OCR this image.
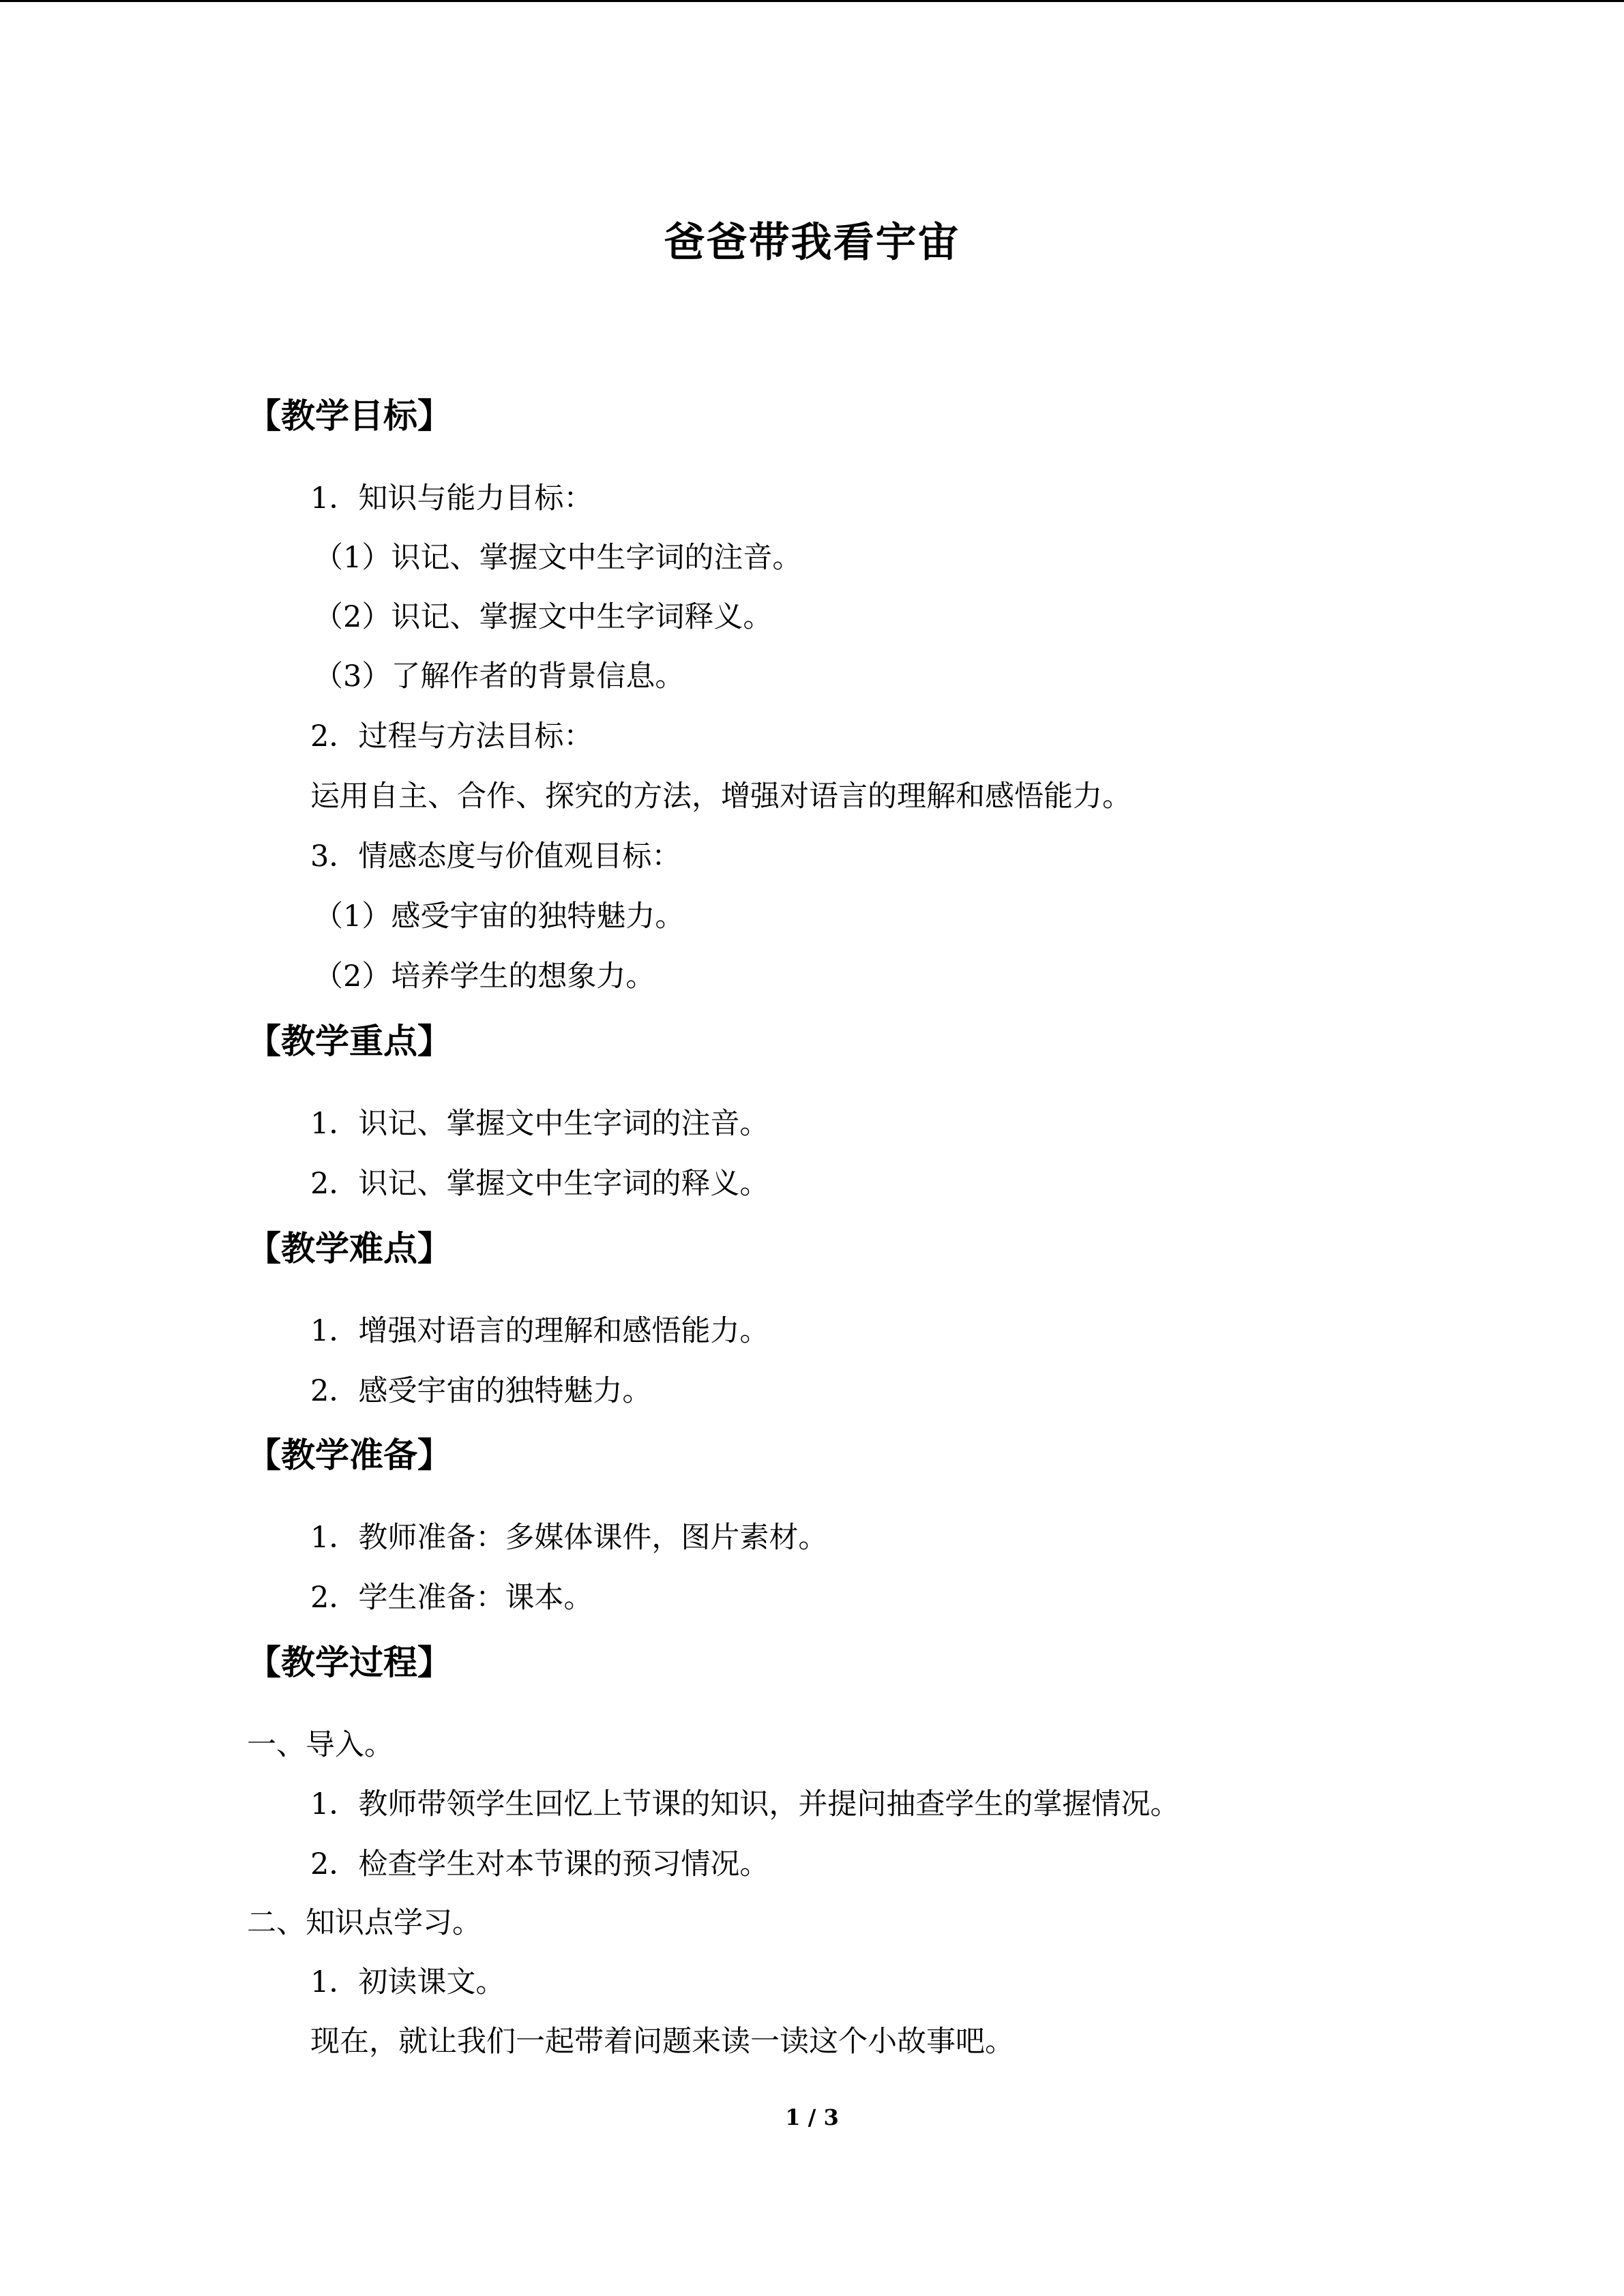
爸爸带我看宇宙
【教学目标】
1．知识与能力目标：
（1）识记、掌握文中生字词的注音。
（2）识记、掌握文中生字词释义。
（3）了解作者的背景信息。
2．过程与方法目标：
运用自主、合作、探究的方法，增强对语言的理解和感悟能力。
3．情感态度与价值观目标：
（1）感受宇宙的独特魅力。
（2）培养学生的想象力。
【教学重点】
1．识记、掌握文中生字词的注音。
2．识记、掌握文中生字词的释义。
【教学难点】
1．增强对语言的理解和感悟能力。
2．感受宇宙的独特魅力。
【教学准备】
1．教师准备：多媒体课件，图片素材。
2．学生准备：课本。
【教学过程】
一、导入。
1．教师带领学生回忆上节课的知识，并提问抽查学生的掌握情况。
2．检查学生对本节课的预习情况。
二、知识点学习。
1．初读课文。
现在，就让我们一起带着问题来读一读这个小故事吧。
1 / 3
